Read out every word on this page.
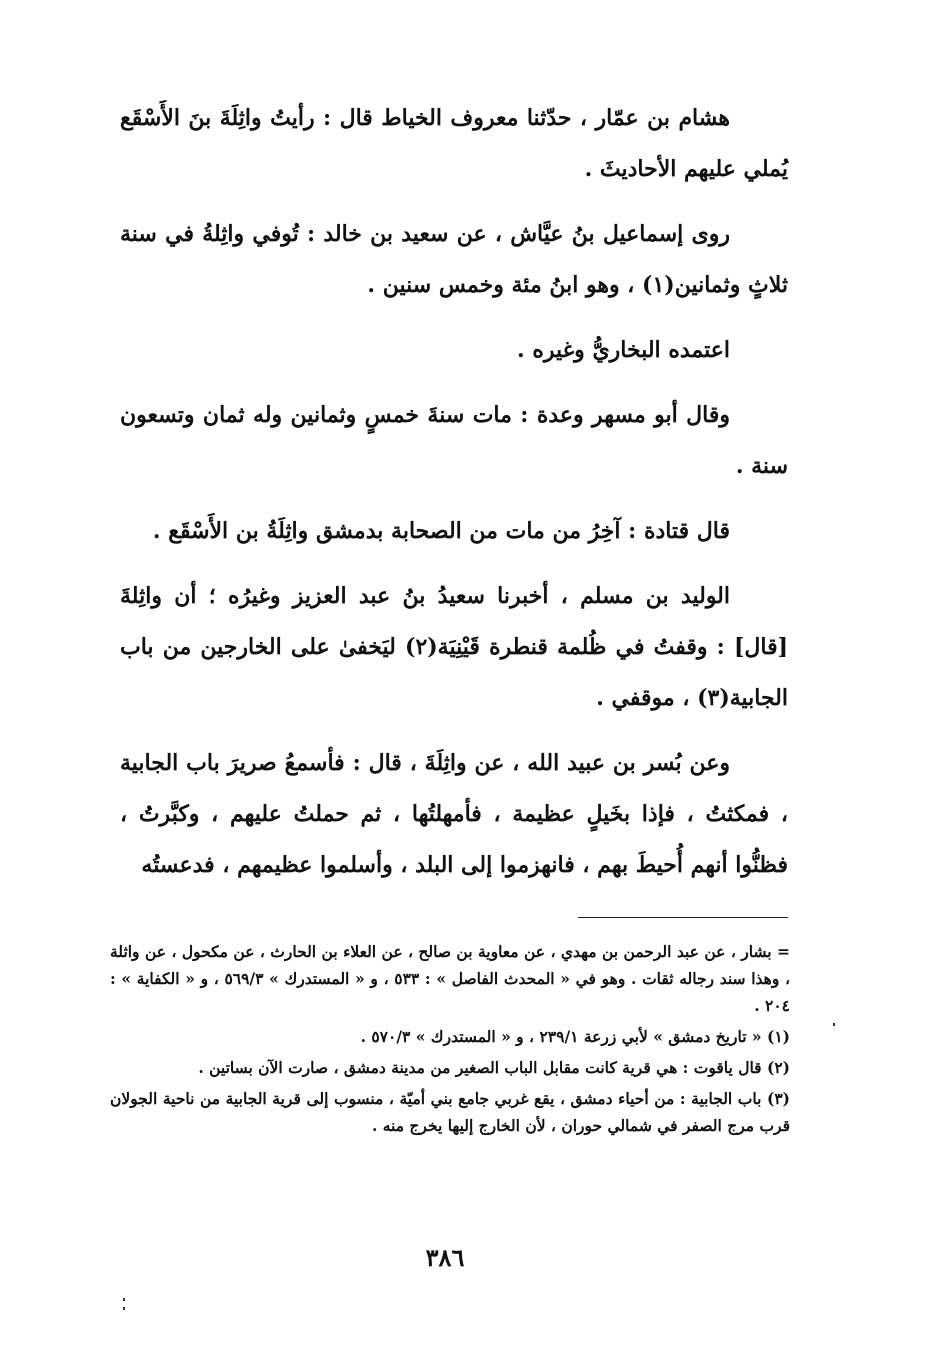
هشام بن عمّار ، حدّثنا معروف الخياط قال : رأيتُ واثِلَةَ بنَ الأَسْقَع يُملي عليهم الأحاديثَ .

روى إسماعيل بنُ عيَّاش ، عن سعيد بن خالد : تُوفي واثِلةُ في سنة ثلاثٍ وثمانين(١) ، وهو ابنُ مئة وخمس سنين .

اعتمده البخاريُّ وغيره .

وقال أبو مسهر وعدة : مات سنةَ خمسٍ وثمانين وله ثمان وتسعون سنة .

قال قتادة : آخِرُ من مات من الصحابة بدمشق واثِلَةُ بن الأَسْقَع .

الوليد بن مسلم ، أخبرنا سعيدُ بنُ عبد العزيز وغيرُه ؛ أن واثِلةَ [قال] : وقفتُ في ظُلمة قنطرة قَيْنِيَة(٢) ليَخفىٰ على الخارجين من باب الجابية(٣) ، موقفي .

وعن بُسر بن عبيد الله ، عن واثِلَةَ ، قال : فأسمعُ صريرَ باب الجابية ، فمكثتُ ، فإذا بخَيلٍ عظيمة ، فأمهلتُها ، ثم حملتُ عليهم ، وكبَّرتُ ، فظنُّوا أنهم أُحيطَ بهم ، فانهزموا إلى البلد ، وأسلموا عظيمهم ، فدعستُه

= بشار ، عن عبد الرحمن بن مهدي ، عن معاوية بن صالح ، عن العلاء بن الحارث ، عن مكحول ، عن واثلة ، وهذا سند رجاله ثقات . وهو في « المحدث الفاصل » : ٥٣٣ ، و « المستدرك » ٥٦٩/٣ ، و « الكفاية » : ٢٠٤ .

(١) « تاريخ دمشق » لأبي زرعة ٢٣٩/١ ، و « المستدرك » ٥٧٠/٣ .

(٢) قال ياقوت : هي قرية كانت مقابل الباب الصغير من مدينة دمشق ، صارت الآن بساتين .

(٣) باب الجابية : من أحياء دمشق ، يقع غربي جامع بني أميّة ، منسوب إلى قرية الجابية من ناحية الجولان قرب مرج الصفر في شمالي حوران ، لأن الخارج إليها يخرج منه .

٣٨٦
